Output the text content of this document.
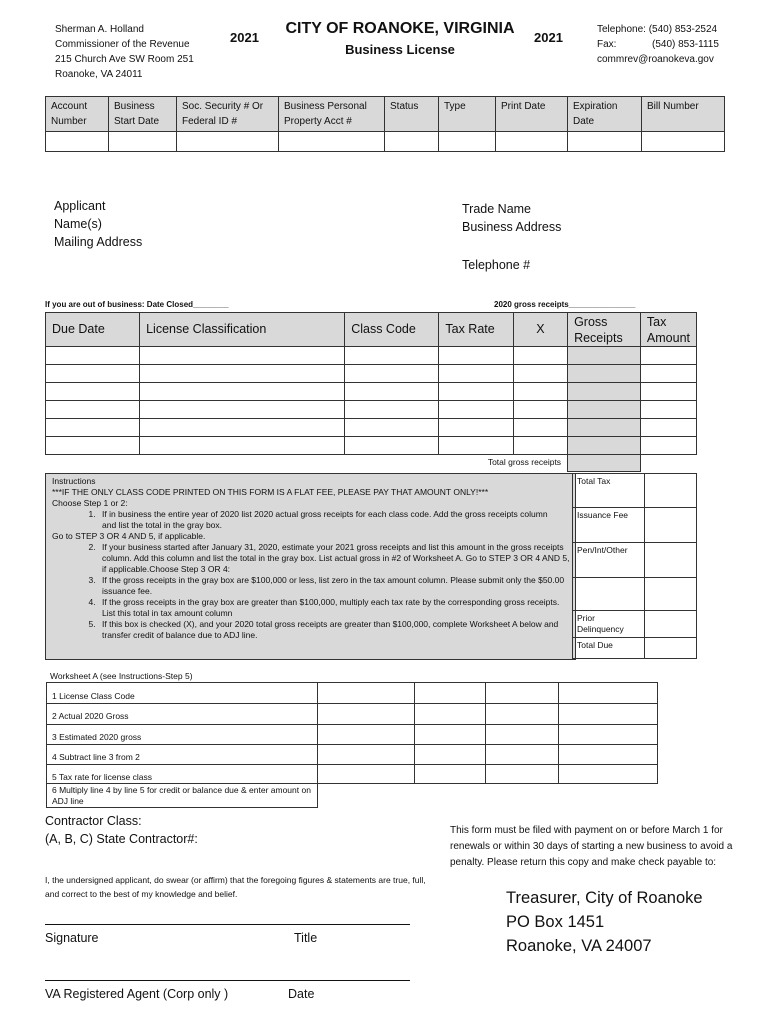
Sherman A. Holland
Commissioner of the Revenue
215 Church Ave SW Room 251
Roanoke, VA 24011
2021
CITY OF ROANOKE, VIRGINIA
Business License
2021
Telephone: (540) 853-2524
Fax:	(540) 853-1115
commrev@roanokeva.gov
Account Number	Business Start Date	Soc. Security # Or Federal ID #	Business Personal Property Acct #	Status	Type	Print Date	Expiration Date	Bill Number

Applicant
Name(s)
Mailing Address
Trade Name
Business Address
Telephone #
If you are out of business: Date Closed________	2020 gross receipts_______________
Due Date	License Classification	Class Code	Tax Rate	X	Gross Receipts	Tax Amount

Total gross receipts						
Instructions
***IF THE ONLY CLASS CODE PRINTED ON THIS FORM IS A FLAT FEE, PLEASE PAY THAT AMOUNT ONLY!***
Choose Step 1 or 2:
1. If in business the entire year of 2020 list 2020 actual gross receipts for each class code. Add the gross receipts column and list the total in the gray box.
Go to STEP 3 OR 4 AND 5, if applicable.
2. If your business started after January 31, 2020, estimate your 2021 gross receipts and list this amount in the gross receipts column. Add this column and list the total in the gray box. List actual gross in #2 of Worksheet A. Go to STEP 3 OR 4 AND 5, if applicable.Choose Step 3 OR 4:
3. If the gross receipts in the gray box are $100,000 or less, list zero in the tax amount column. Please submit only the $50.00 issuance fee.
4. If the gross receipts in the gray box are greater than $100,000, multiply each tax rate by the corresponding gross receipts. List this total in tax amount column
5. If this box is checked (X), and your 2020 total gross receipts are greater than $100,000, complete Worksheet A below and transfer credit of balance due to ADJ line.
Total Tax	
Issuance Fee	
Pen/Int/Other	

Prior Delinquency	
Total Due	
Worksheet A (see Instructions-Step 5)
1 License Class Code				
2 Actual 2020 Gross				
3 Estimated 2020 gross				
4 Subtract line 3 from 2				
5 Tax rate for license class				
6 Multiply line 4 by line 5 for credit or balance due & enter amount on ADJ line				
Contractor Class:
(A, B, C) State Contractor#:
This form must be filed with payment on or before March 1 for renewals or within 30 days of starting a new business to avoid a penalty. Please return this copy and make check payable to:
I, the undersigned applicant, do swear (or affirm) that the foregoing figures & statements are true, full, and correct to the best of my knowledge and belief.
Signature	Title
VA Registered Agent (Corp only )	Date
Treasurer, City of Roanoke
PO Box 1451
Roanoke, VA 24007
